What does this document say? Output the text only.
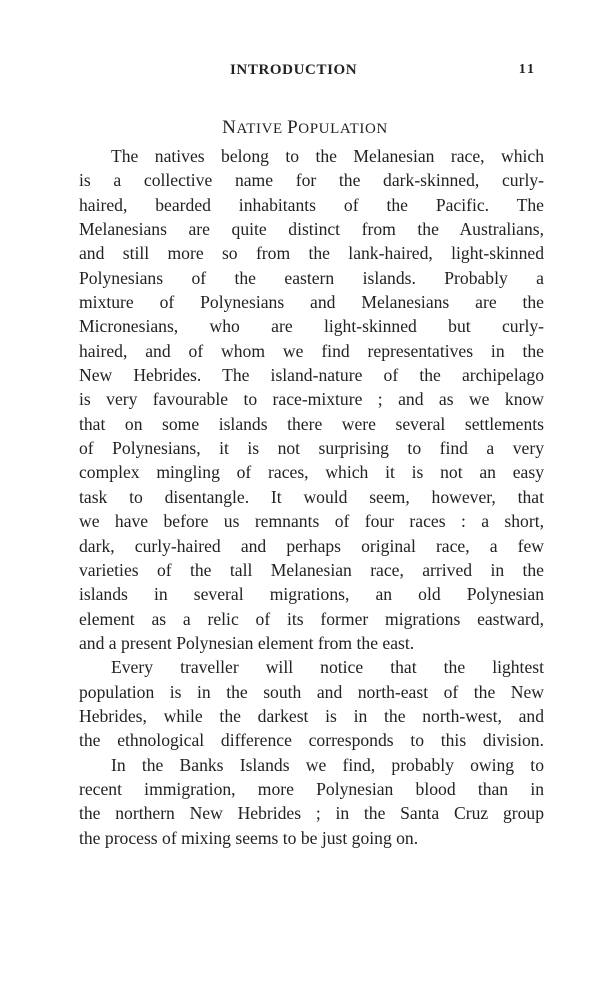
INTRODUCTION	11
NATIVE POPULATION
The natives belong to the Melanesian race, which
is a collective name for the dark-skinned, curly-
haired, bearded inhabitants of the Pacific. The
Melanesians are quite distinct from the Australians,
and still more so from the lank-haired, light-skinned
Polynesians of the eastern islands. Probably a
mixture of Polynesians and Melanesians are the
Micronesians, who are light-skinned but curly-
haired, and of whom we find representatives in the
New Hebrides. The island-nature of the archipelago
is very favourable to race-mixture ; and as we know
that on some islands there were several settlements
of Polynesians, it is not surprising to find a very
complex mingling of races, which it is not an easy
task to disentangle. It would seem, however, that
we have before us remnants of four races : a short,
dark, curly-haired and perhaps original race, a few
varieties of the tall Melanesian race, arrived in the
islands in several migrations, an old Polynesian
element as a relic of its former migrations eastward,
and a present Polynesian element from the east.
Every traveller will notice that the lightest
population is in the south and north-east of the New
Hebrides, while the darkest is in the north-west, and
the ethnological difference corresponds to this division.
In the Banks Islands we find, probably owing to
recent immigration, more Polynesian blood than in
the northern New Hebrides ; in the Santa Cruz group
the process of mixing seems to be just going on.
